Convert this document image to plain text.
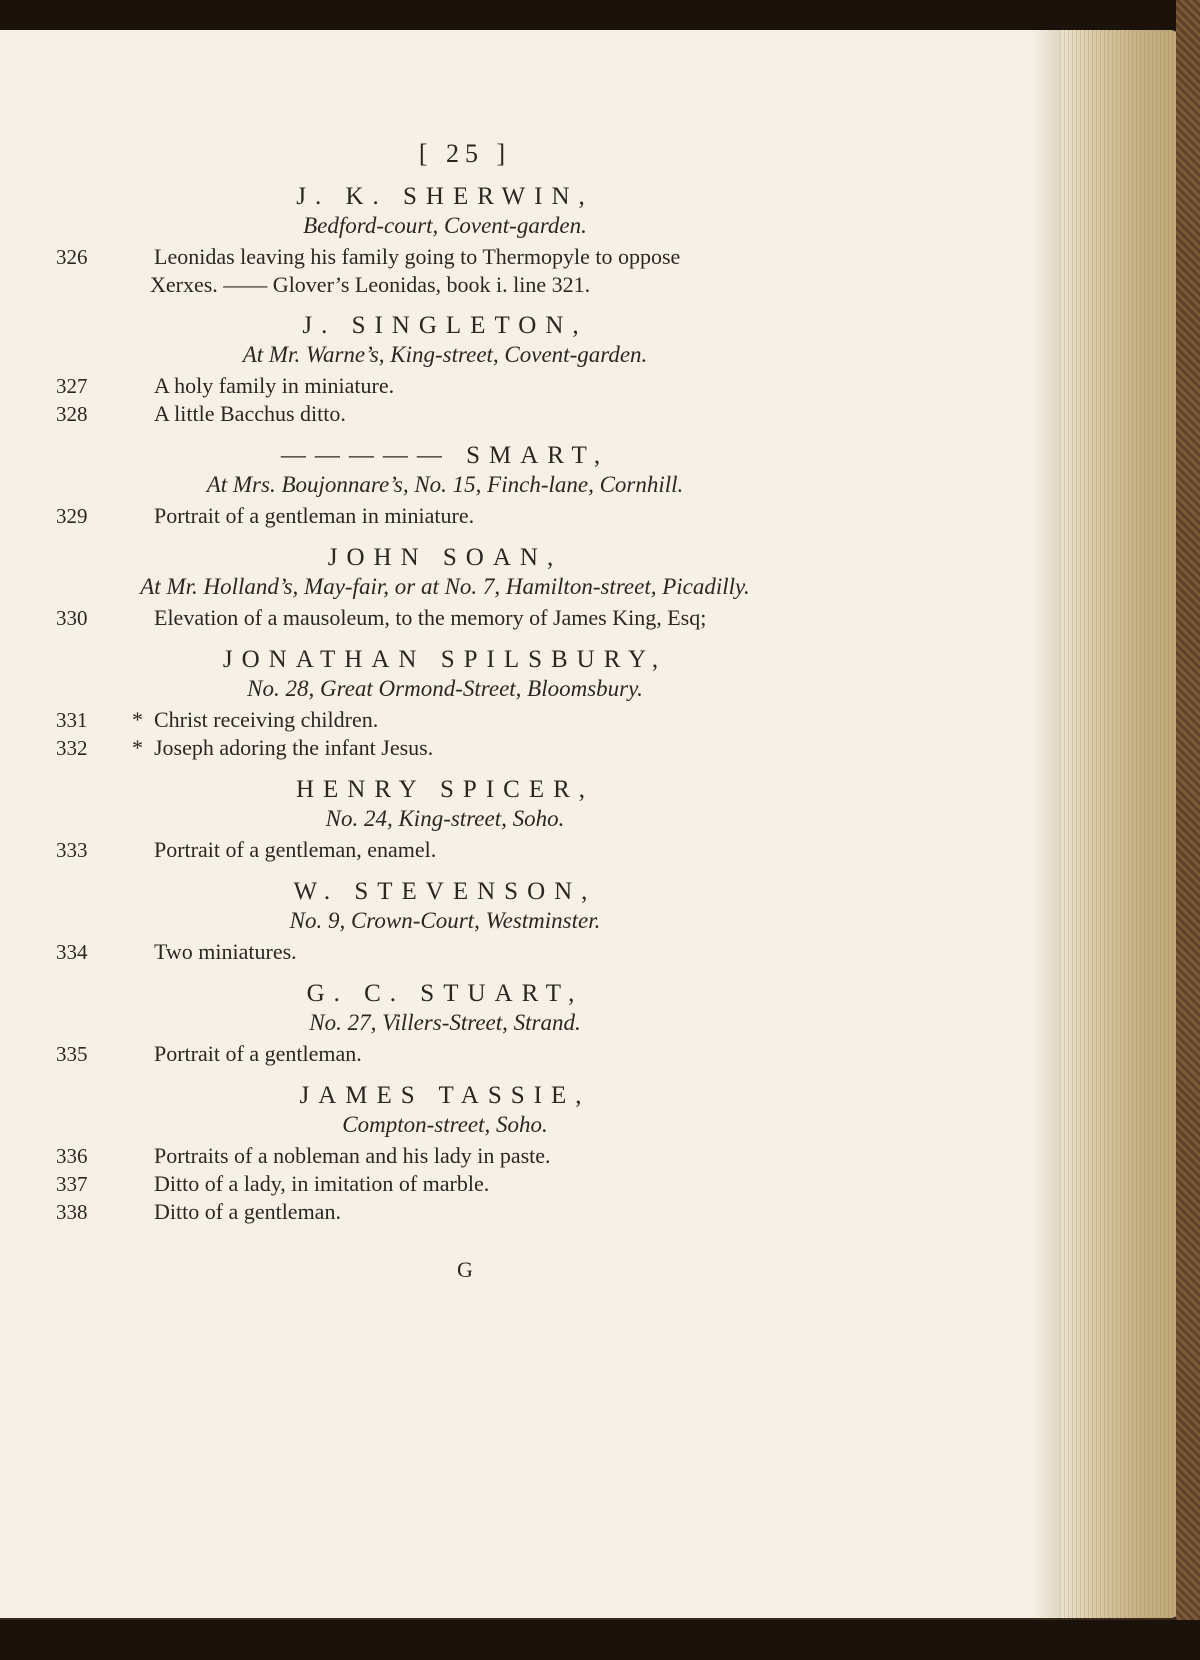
[ 25 ]
J. K. SHERWIN,
Bedford-court, Covent-garden.
326	Leonidas leaving his family going to Thermopyle to oppose
Xerxes. —— Glover’s Leonidas, book i. line 321.
J. SINGLETON,
At Mr. Warne’s, King-street, Covent-garden.
327	A holy family in miniature.
328	A little Bacchus ditto.
————— SMART,
At Mrs. Boujonnare’s, No. 15, Finch-lane, Cornhill.
329	Portrait of a gentleman in miniature.
JOHN SOAN,
At Mr. Holland’s, May-fair, or at No. 7, Hamilton-street, Picadilly.
330	Elevation of a mausoleum, to the memory of James King, Esq;
JONATHAN SPILSBURY,
No. 28, Great Ormond-Street, Bloomsbury.
331	* Christ receiving children.
332	* Joseph adoring the infant Jesus.
HENRY SPICER,
No. 24, King-street, Soho.
333	Portrait of a gentleman, enamel.
W. STEVENSON,
No. 9, Crown-Court, Westminster.
334	Two miniatures.
G. C. STUART,
No. 27, Villers-Street, Strand.
335	Portrait of a gentleman.
JAMES TASSIE,
Compton-street, Soho.
336	Portraits of a nobleman and his lady in paste.
337	Ditto of a lady, in imitation of marble.
338	Ditto of a gentleman.
G
